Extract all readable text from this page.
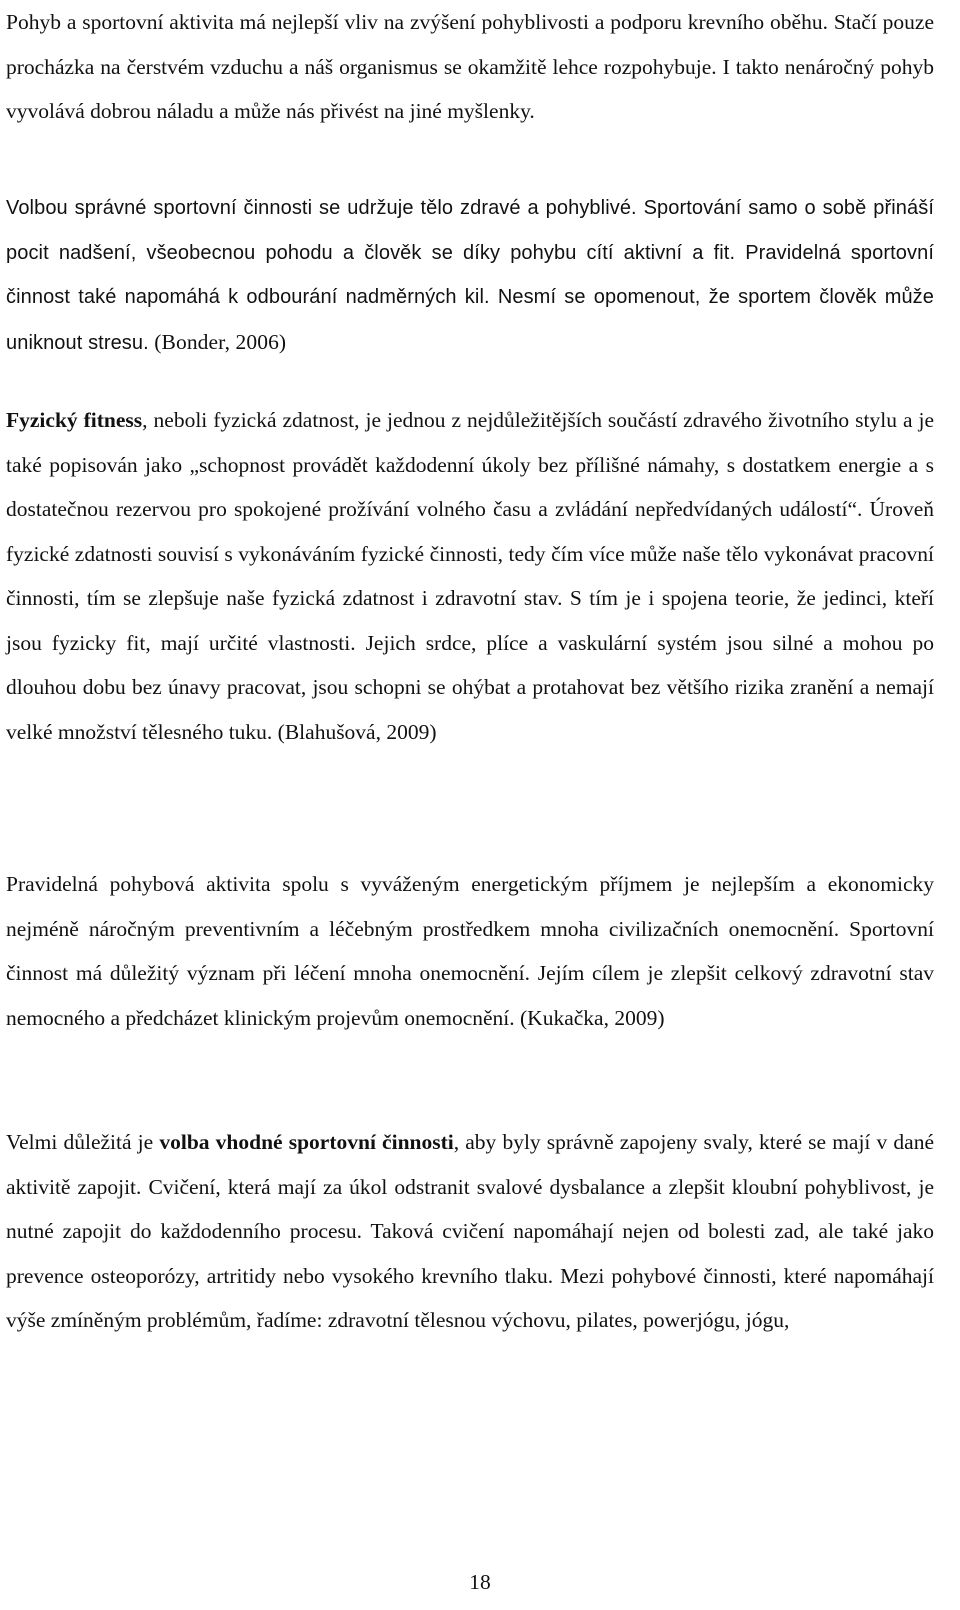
Pohyb a sportovní aktivita má nejlepší vliv na zvýšení pohyblivosti a podporu krevního oběhu. Stačí pouze procházka na čerstvém vzduchu a náš organismus se okamžitě lehce rozpohybuje. I takto nenáročný pohyb vyvolává dobrou náladu a může nás přivést na jiné myšlenky.

Volbou správné sportovní činnosti se udržuje tělo zdravé a pohyblivé. Sportování samo o sobě přináší pocit nadšení, všeobecnou pohodu a člověk se díky pohybu cítí aktivní a fit. Pravidelná sportovní činnost také napomáhá k odbourání nadměrných kil. Nesmí se opomenout, že sportem člověk může uniknout stresu. (Bonder, 2006)

Fyzický fitness, neboli fyzická zdatnost, je jednou z nejdůležitějších součástí zdravého životního stylu a je také popisován jako „schopnost provádět každodenní úkoly bez přílišné námahy, s dostatkem energie a s dostatečnou rezervou pro spokojené prožívání volného času a zvládání nepředvídaných událostí“. Úroveň fyzické zdatnosti souvisí s vykonáváním fyzické činnosti, tedy čím více může naše tělo vykonávat pracovní činnosti, tím se zlepšuje naše fyzická zdatnost i zdravotní stav. S tím je i spojena teorie, že jedinci, kteří jsou fyzicky fit, mají určité vlastnosti. Jejich srdce, plíce a vaskulární systém jsou silné a mohou po dlouhou dobu bez únavy pracovat, jsou schopni se ohýbat a protahovat bez většího rizika zranění a nemají velké množství tělesného tuku. (Blahušová, 2009)

Pravidelná pohybová aktivita spolu s vyváženým energetickým příjmem je nejlepším a ekonomicky nejméně náročným preventivním a léčebným prostředkem mnoha civilizačních onemocnění. Sportovní činnost má důležitý význam při léčení mnoha onemocnění. Jejím cílem je zlepšit celkový zdravotní stav nemocného a předcházet klinickým projevům onemocnění. (Kukačka, 2009)

Velmi důležitá je volba vhodné sportovní činnosti, aby byly správně zapojeny svaly, které se mají v dané aktivitě zapojit. Cvičení, která mají za úkol odstranit svalové dysbalance a zlepšit kloubní pohyblivost, je nutné zapojit do každodenního procesu. Taková cvičení napomáhají nejen od bolesti zad, ale také jako prevence osteoporózy, artritidy nebo vysokého krevního tlaku. Mezi pohybové činnosti, které napomáhají výše zmíněným problémům, řadíme: zdravotní tělesnou výchovu, pilates, powerjógu, jógu,

18
